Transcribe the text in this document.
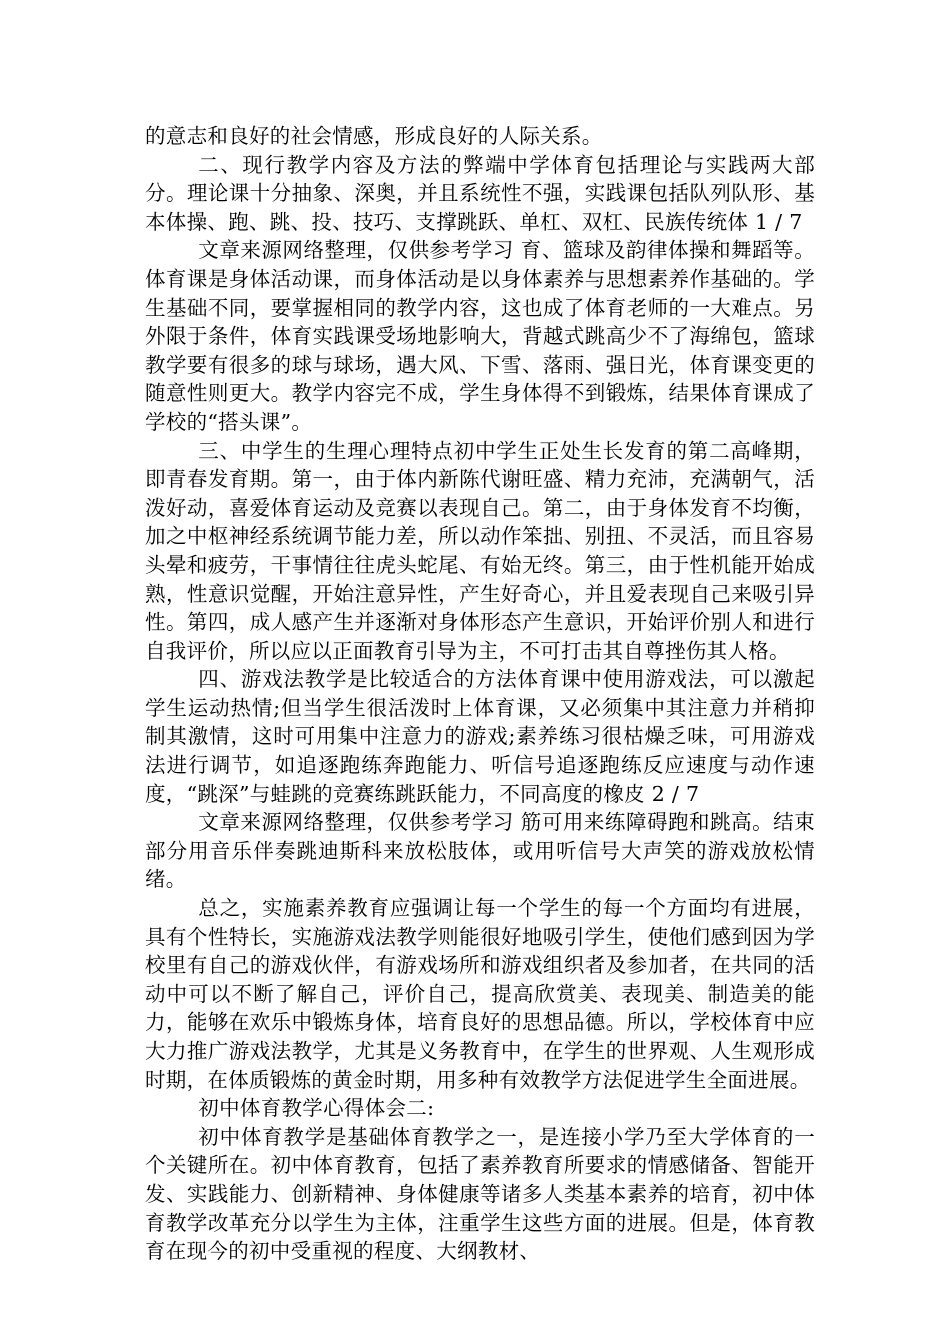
的意志和良好的社会情感，形成良好的人际关系。

二、现行教学内容及方法的弊端中学体育包括理论与实践两大部分。理论课十分抽象、深奥，并且系统性不强，实践课包括队列队形、基本体操、跑、跳、投、技巧、支撑跳跃、单杠、双杠、民族传统体 1 / 7

文章来源网络整理，仅供参考学习 育、篮球及韵律体操和舞蹈等。体育课是身体活动课，而身体活动是以身体素养与思想素养作基础的。学生基础不同，要掌握相同的教学内容，这也成了体育老师的一大难点。另外限于条件，体育实践课受场地影响大，背越式跳高少不了海绵包，篮球教学要有很多的球与球场，遇大风、下雪、落雨、强日光，体育课变更的随意性则更大。教学内容完不成，学生身体得不到锻炼，结果体育课成了学校的“搭头课”。

三、中学生的生理心理特点初中学生正处生长发育的第二高峰期，即青春发育期。第一，由于体内新陈代谢旺盛、精力充沛，充满朝气，活泼好动，喜爱体育运动及竞赛以表现自己。第二，由于身体发育不均衡，加之中枢神经系统调节能力差，所以动作笨拙、别扭、不灵活，而且容易头晕和疲劳，干事情往往虎头蛇尾、有始无终。第三，由于性机能开始成熟，性意识觉醒，开始注意异性，产生好奇心，并且爱表现自己来吸引异性。第四，成人感产生并逐渐对身体形态产生意识，开始评价别人和进行自我评价，所以应以正面教育引导为主，不可打击其自尊挫伤其人格。

四、游戏法教学是比较适合的方法体育课中使用游戏法，可以激起学生运动热情;但当学生很活泼时上体育课，又必须集中其注意力并稍抑制其激情，这时可用集中注意力的游戏;素养练习很枯燥乏味，可用游戏法进行调节，如追逐跑练奔跑能力、听信号追逐跑练反应速度与动作速度，“跳深”与蛙跳的竞赛练跳跃能力，不同高度的橡皮 2 / 7

文章来源网络整理，仅供参考学习 筋可用来练障碍跑和跳高。结束部分用音乐伴奏跳迪斯科来放松肢体，或用听信号大声笑的游戏放松情绪。

总之，实施素养教育应强调让每一个学生的每一个方面均有进展，具有个性特长，实施游戏法教学则能很好地吸引学生，使他们感到因为学校里有自己的游戏伙伴，有游戏场所和游戏组织者及参加者，在共同的活动中可以不断了解自己，评价自己，提高欣赏美、表现美、制造美的能力，能够在欢乐中锻炼身体，培育良好的思想品德。所以，学校体育中应大力推广游戏法教学，尤其是义务教育中，在学生的世界观、人生观形成时期，在体质锻炼的黄金时期，用多种有效教学方法促进学生全面进展。

初中体育教学心得体会二:

初中体育教学是基础体育教学之一，是连接小学乃至大学体育的一个关键所在。初中体育教育，包括了素养教育所要求的情感储备、智能开发、实践能力、创新精神、身体健康等诸多人类基本素养的培育，初中体育教学改革充分以学生为主体，注重学生这些方面的进展。但是，体育教育在现今的初中受重视的程度、大纲教材、
